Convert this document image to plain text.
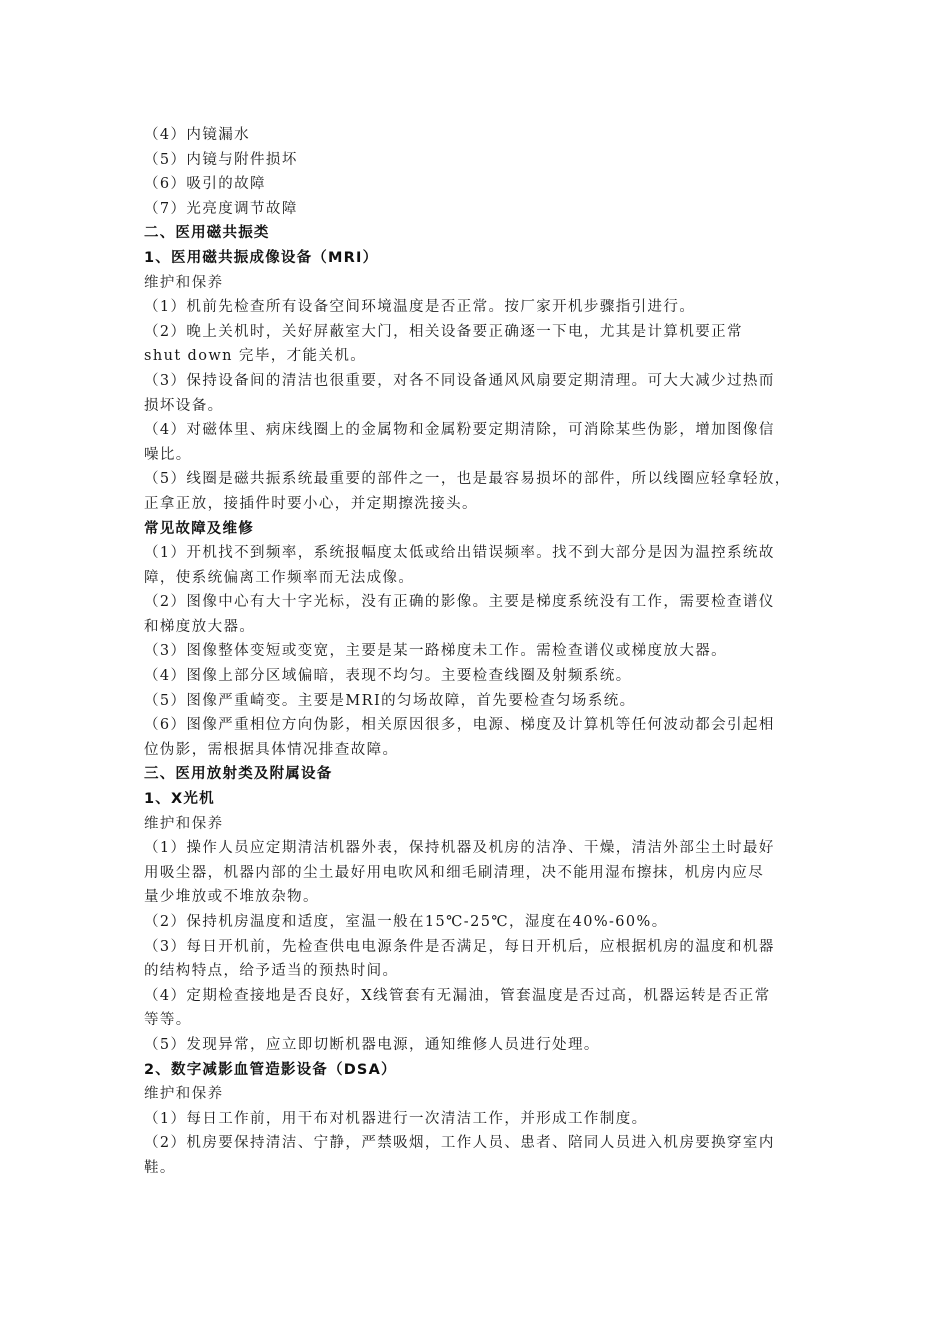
（4）内镜漏水
（5）内镜与附件损坏
（6）吸引的故障
（7）光亮度调节故障
二、医用磁共振类
1、医用磁共振成像设备（MRI）
维护和保养
（1）机前先检查所有设备空间环境温度是否正常。按厂家开机步骤指引进行。
（2）晚上关机时，关好屏蔽室大门，相关设备要正确逐一下电，尤其是计算机要正常
shut down 完毕，才能关机。
（3）保持设备间的清洁也很重要，对各不同设备通风风扇要定期清理。可大大减少过热而
损坏设备。
（4）对磁体里、病床线圈上的金属物和金属粉要定期清除，可消除某些伪影，增加图像信
噪比。
（5）线圈是磁共振系统最重要的部件之一，也是最容易损坏的部件，所以线圈应轻拿轻放，
正拿正放，接插件时要小心，并定期擦洗接头。
常见故障及维修
（1）开机找不到频率，系统报幅度太低或给出错误频率。找不到大部分是因为温控系统故
障，使系统偏离工作频率而无法成像。
（2）图像中心有大十字光标，没有正确的影像。主要是梯度系统没有工作，需要检查谱仪
和梯度放大器。
（3）图像整体变短或变宽，主要是某一路梯度未工作。需检查谱仪或梯度放大器。
（4）图像上部分区域偏暗，表现不均匀。主要检查线圈及射频系统。
（5）图像严重崎变。主要是MRI的匀场故障，首先要检查匀场系统。
（6）图像严重相位方向伪影，相关原因很多，电源、梯度及计算机等任何波动都会引起相
位伪影，需根据具体情况排查故障。
三、医用放射类及附属设备
1、X光机
维护和保养
（1）操作人员应定期清洁机器外表，保持机器及机房的洁净、干燥，清洁外部尘土时最好
用吸尘器，机器内部的尘土最好用电吹风和细毛刷清理，决不能用湿布擦抹，机房内应尽
量少堆放或不堆放杂物。
（2）保持机房温度和适度，室温一般在15℃-25℃，湿度在40%-60%。
（3）每日开机前，先检查供电电源条件是否满足，每日开机后，应根据机房的温度和机器
的结构特点，给予适当的预热时间。
（4）定期检查接地是否良好，X线管套有无漏油，管套温度是否过高，机器运转是否正常
等等。
（5）发现异常，应立即切断机器电源，通知维修人员进行处理。
2、数字减影血管造影设备（DSA）
维护和保养
（1）每日工作前，用干布对机器进行一次清洁工作，并形成工作制度。
（2）机房要保持清洁、宁静，严禁吸烟，工作人员、患者、陪同人员进入机房要换穿室内
鞋。
